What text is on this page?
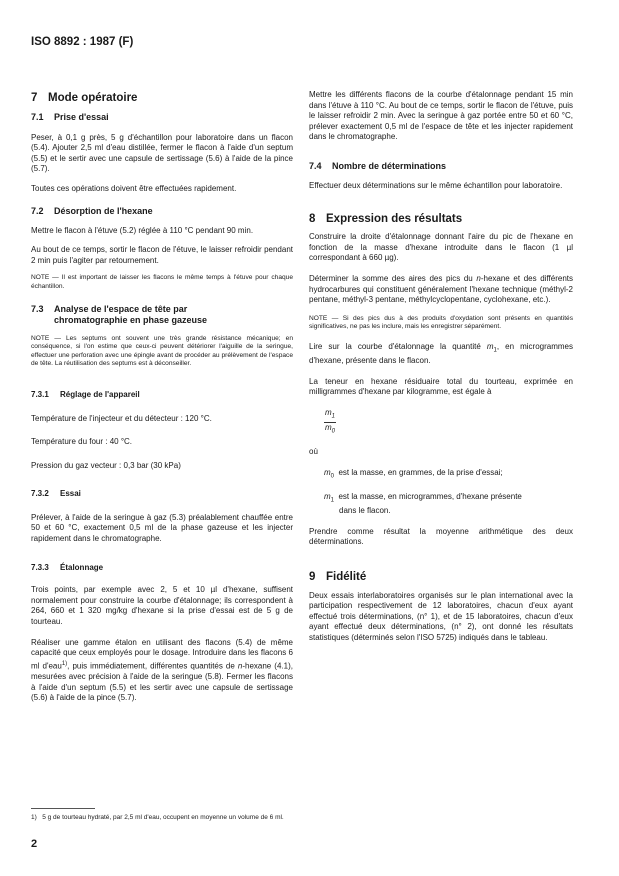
ISO 8892 : 1987 (F)
7 Mode opératoire
7.1 Prise d'essai

Peser, à 0,1 g près, 5 g d'échantillon pour laboratoire dans un flacon (5.4). Ajouter 2,5 ml d'eau distillée, fermer le flacon à l'aide d'un septum (5.5) et le sertir avec une capsule de sertissage (5.6) à l'aide de la pince (5.7).

Toutes ces opérations doivent être effectuées rapidement.

7.2 Désorption de l'hexane

Mettre le flacon à l'étuve (5.2) réglée à 110 °C pendant 90 min.

Au bout de ce temps, sortir le flacon de l'étuve, le laisser refroidir pendant 2 min puis l'agiter par retournement.

NOTE — Il est important de laisser les flacons le même temps à l'étuve pour chaque échantillon.

7.3 Analyse de l'espace de tête par
chromatographie en phase gazeuse

NOTE — Les septums ont souvent une très grande résistance mécanique; en conséquence, si l'on estime que ceux-ci peuvent détériorer l'aiguille de la seringue, effectuer une perforation avec une épingle avant de procéder au prélèvement de l'espace de tête. La réutilisation des septums est à déconseiller.

7.3.1 Réglage de l'appareil

Température de l'injecteur et du détecteur : 120 °C.

Température du four : 40 °C.

Pression du gaz vecteur : 0,3 bar (30 kPa)

7.3.2 Essai

Prélever, à l'aide de la seringue à gaz (5.3) préalablement chauffée entre 50 et 60 °C, exactement 0,5 ml de la phase gazeuse et les injecter rapidement dans le chromatographe.

7.3.3 Étalonnage

Trois points, par exemple avec 2, 5 et 10 µl d'hexane, suffisent normalement pour construire la courbe d'étalonnage; ils correspondent à 264, 660 et 1 320 mg/kg d'hexane si la prise d'essai est de 5 g de tourteau.

Réaliser une gamme étalon en utilisant des flacons (5.4) de même capacité que ceux employés pour le dosage. Introduire dans les flacons 6 ml d'eau$^{1)}$, puis immédiatement, différentes quantités de n-hexane (4.1), mesurées avec précision à l'aide de la seringue (5.8). Fermer les flacons à l'aide d'un septum (5.5) et les sertir avec une capsule de sertissage (5.6) à l'aide de la pince (5.7).

Mettre les différents flacons de la courbe d'étalonnage pendant 15 min dans l'étuve à 110 °C. Au bout de ce temps, sortir le flacon de l'étuve, puis le laisser refroidir 2 min. Avec la seringue à gaz portée entre 50 et 60 °C, prélever exactement 0,5 ml de l'espace de tête et les injecter rapidement dans le chromatographe.

7.4 Nombre de déterminations

Effectuer deux déterminations sur le même échantillon pour laboratoire.

8 Expression des résultats

Construire la droite d'étalonnage donnant l'aire du pic de l'hexane en fonction de la masse d'hexane introduite dans le flacon (1 µl correspondant à 660 µg).

Déterminer la somme des aires des pics du n-hexane et des différents hydrocarbures qui constituent généralement l'hexane technique (méthyl-2 pentane, méthyl-3 pentane, méthylcyclopentane, cyclohexane, etc.).

NOTE — Si des pics dus à des produits d'oxydation sont présents en quantités significatives, ne pas les inclure, mais les enregistrer séparément.

Lire sur la courbe d'étalonnage la quantité $m_1$, en microgrammes d'hexane, présente dans le flacon.

La teneur en hexane résiduaire total du tourteau, exprimée en milligrammes d'hexane par kilogramme, est égale à

$\frac{m_1}{m_0}$

où

$m_0$ est la masse, en grammes, de la prise d'essai;

$m_1$ est la masse, en microgrammes, d'hexane présente

dans le flacon.

Prendre comme résultat la moyenne arithmétique des deux déterminations.

9 Fidélité

Deux essais interlaboratoires organisés sur le plan international avec la participation respectivement de 12 laboratoires, chacun d'eux ayant effectué trois déterminations, (n° 1), et de 15 laboratoires, chacun d'eux ayant effectué deux déterminations, (n° 2), ont donné les résultats statistiques (déterminés selon l'ISO 5725) indiqués dans le tableau.

1) 5 g de tourteau hydraté, par 2,5 ml d'eau, occupent en moyenne un volume de 6 ml.
2
